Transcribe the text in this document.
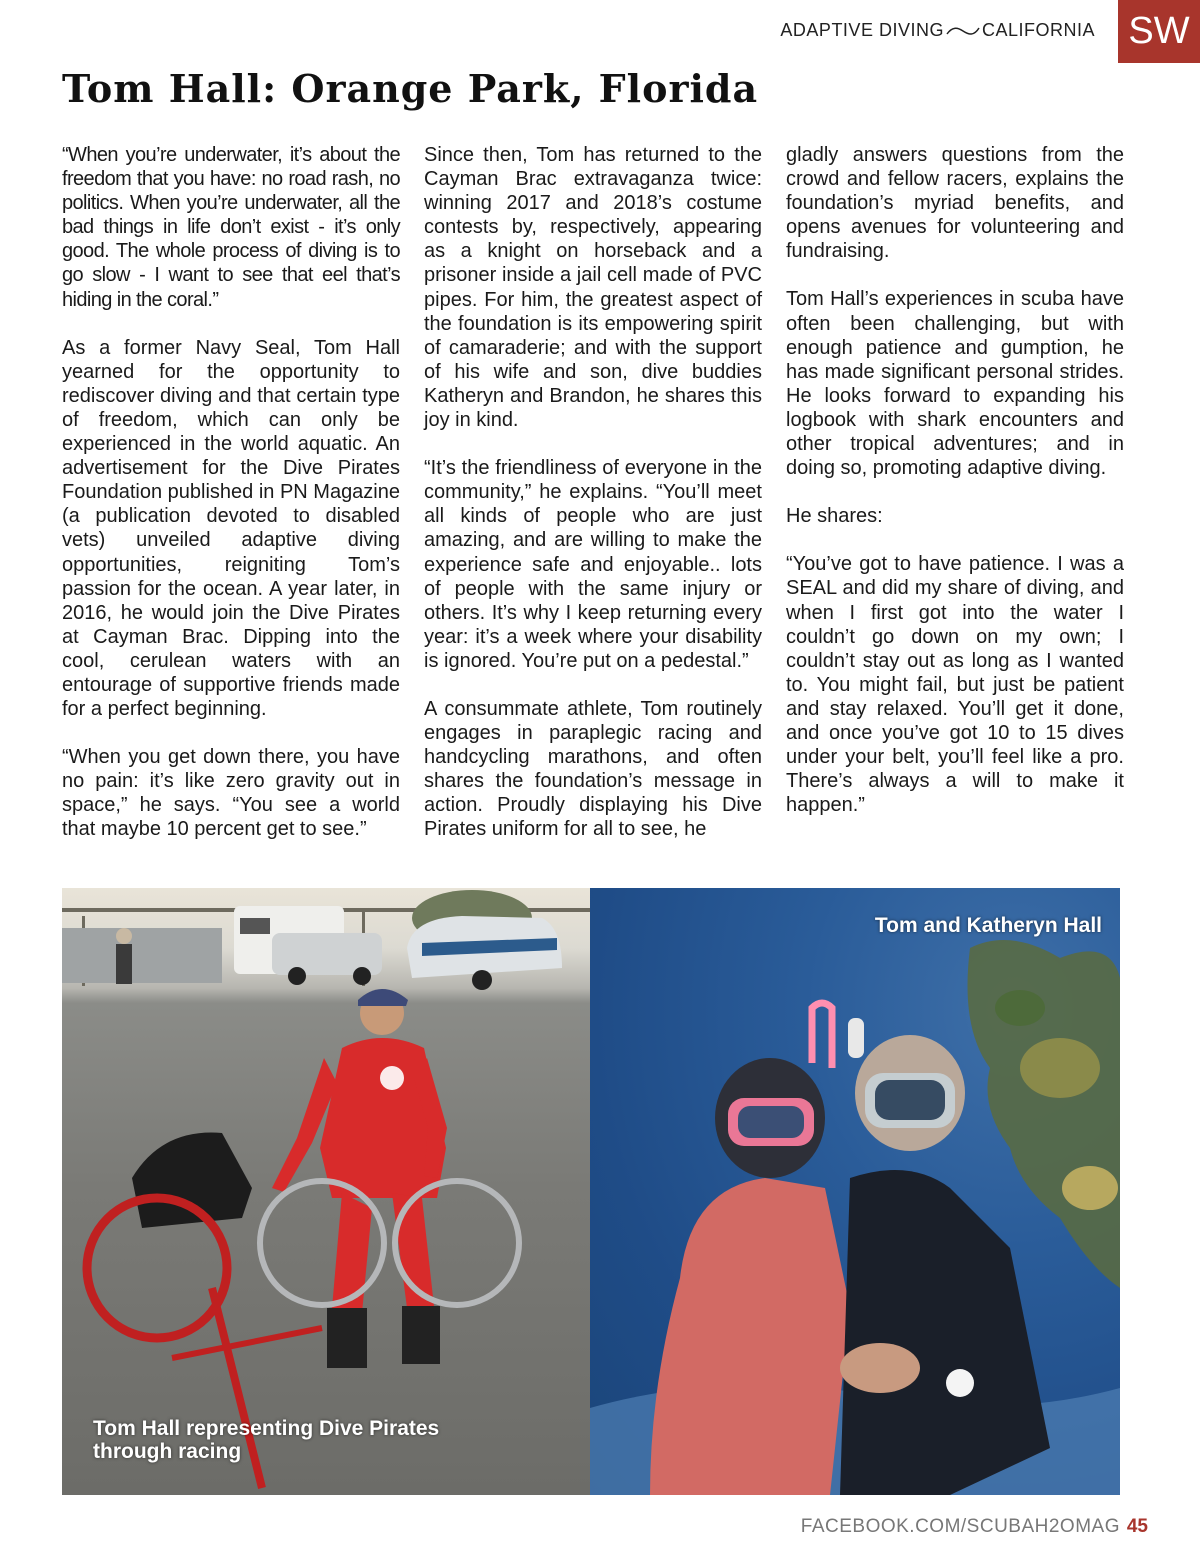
ADAPTIVE DIVING CALIFORNIA SW
Tom Hall: Orange Park, Florida

“When you’re underwater, it’s about the freedom that you have: no road rash, no politics. When you’re underwater, all the bad things in life don’t exist - it’s only good. The whole process of diving is to go slow - I want to see that eel that’s hiding in the coral.”

As a former Navy Seal, Tom Hall yearned for the opportunity to rediscover diving and that certain type of freedom, which can only be experienced in the world aquatic. An advertisement for the Dive Pirates Foundation published in PN Magazine (a publication devoted to disabled vets) unveiled adaptive diving opportunities, reigniting Tom’s passion for the ocean. A year later, in 2016, he would join the Dive Pirates at Cayman Brac. Dipping into the cool, cerulean waters with an entourage of supportive friends made for a perfect beginning.

“When you get down there, you have no pain: it’s like zero gravity out in space,” he says. “You see a world that maybe 10 percent get to see.”

Since then, Tom has returned to the Cayman Brac extravaganza twice: winning 2017 and 2018’s costume contests by, respectively, appearing as a knight on horseback and a prisoner inside a jail cell made of PVC pipes. For him, the greatest aspect of the foundation is its empowering spirit of camaraderie; and with the support of his wife and son, dive buddies Katheryn and Brandon, he shares this joy in kind.

“It’s the friendliness of everyone in the community,” he explains. “You’ll meet all kinds of people who are just amazing, and are willing to make the experience safe and enjoyable.. lots of people with the same injury or others. It’s why I keep returning every year: it’s a week where your disability is ignored. You’re put on a pedestal.”

A consummate athlete, Tom routinely engages in paraplegic racing and handcycling marathons, and often shares the foundation’s message in action. Proudly displaying his Dive Pirates uniform for all to see, he

gladly answers questions from the crowd and fellow racers, explains the foundation’s myriad benefits, and opens avenues for volunteering and fundraising.

Tom Hall’s experiences in scuba have often been challenging, but with enough patience and gumption, he has made significant personal strides. He looks forward to expanding his logbook with shark encounters and other tropical adventures; and in doing so, promoting adaptive diving.

He shares:

“You’ve got to have patience. I was a SEAL and did my share of diving, and when I first got into the water I couldn’t go down on my own; I couldn’t stay out as long as I wanted to. You might fail, but just be patient and stay relaxed. You’ll get it done, and once you’ve got 10 to 15 dives under your belt, you’ll feel like a pro. There’s always a will to make it happen.”

Tom Hall representing Dive Pirates through racing
Tom and Katheryn Hall
FACEBOOK.COM/SCUBAH2OMAG 45
